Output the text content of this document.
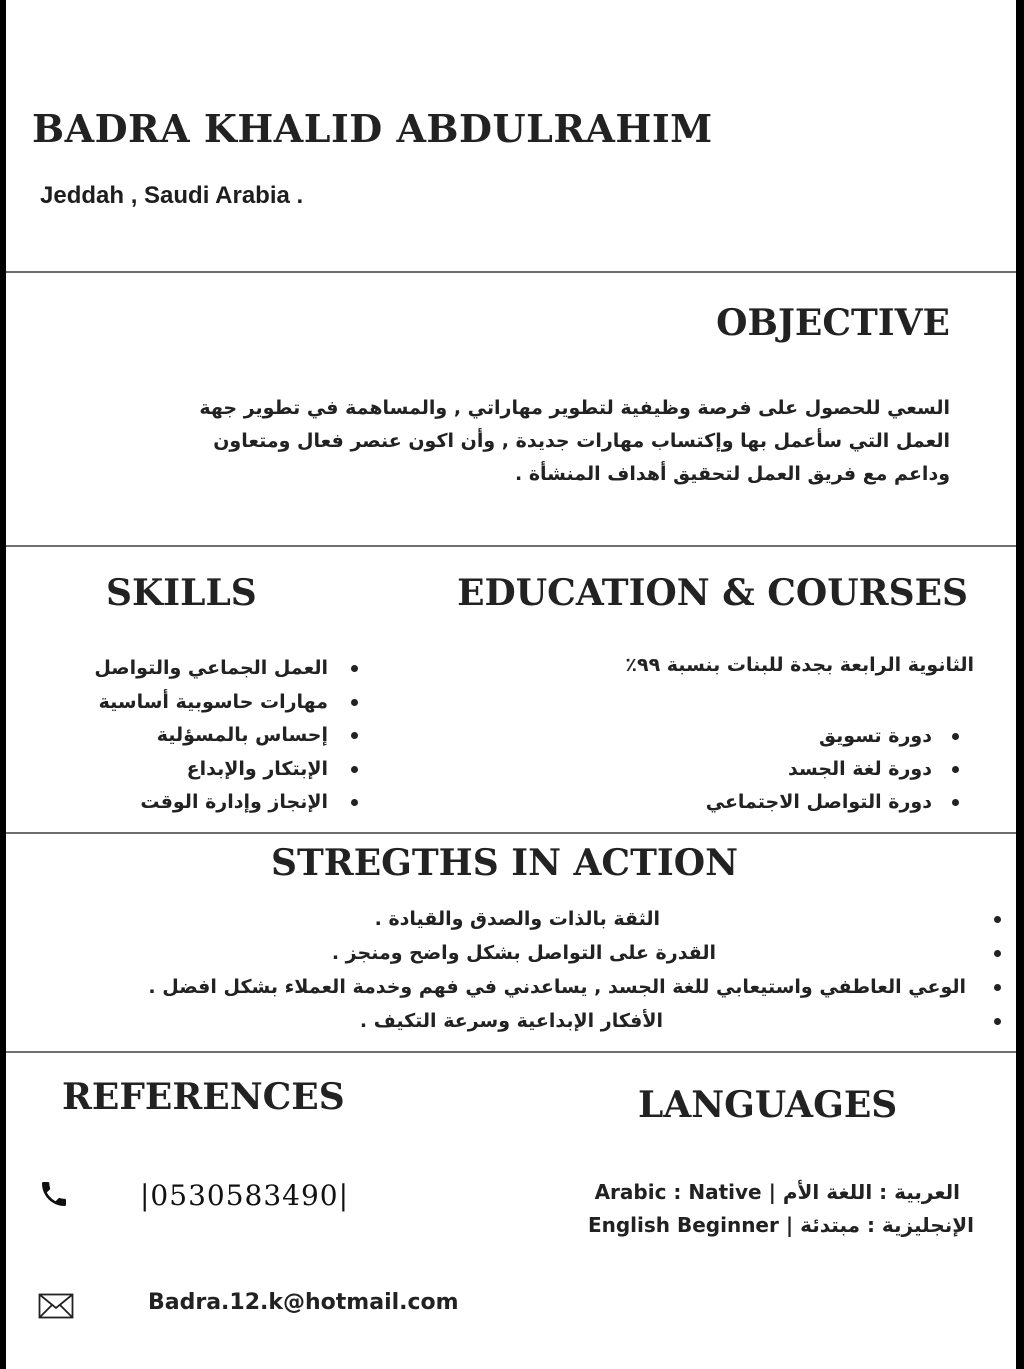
BADRA KHALID ABDULRAHIM
Jeddah , Saudi Arabia .
OBJECTIVE
السعي للحصول على فرصة وظيفية لتطوير مهاراتي , والمساهمة في تطوير جهة
العمل التي سأعمل بها وإكتساب مهارات جديدة , وأن اكون عنصر فعال ومتعاون
وداعم مع فريق العمل لتحقيق أهداف المنشأة .
SKILLS
العمل الجماعي والتواصل
مهارات حاسوبية أساسية
إحساس بالمسؤلية
الإبتكار والإبداع
الإنجاز وإدارة الوقت
EDUCATION & COURSES
الثانوية الرابعة بجدة للبنات بنسبة ٩٩٪
دورة تسويق
دورة لغة الجسد
دورة التواصل الاجتماعي
STREGTHS IN ACTION
الثقة بالذات والصدق والقيادة .
القدرة على التواصل بشكل واضح ومنجز .
الوعي العاطفي واستيعابي للغة الجسد , يساعدني في فهم وخدمة العملاء بشكل افضل .
الأفكار الإبداعية وسرعة التكيف .
REFERENCES
|0530583490|
Badra.12.k@hotmail.com
LANGUAGES
العربية : اللغة الأم | Arabic : Native
الإنجليزية : مبتدئة | English Beginner
